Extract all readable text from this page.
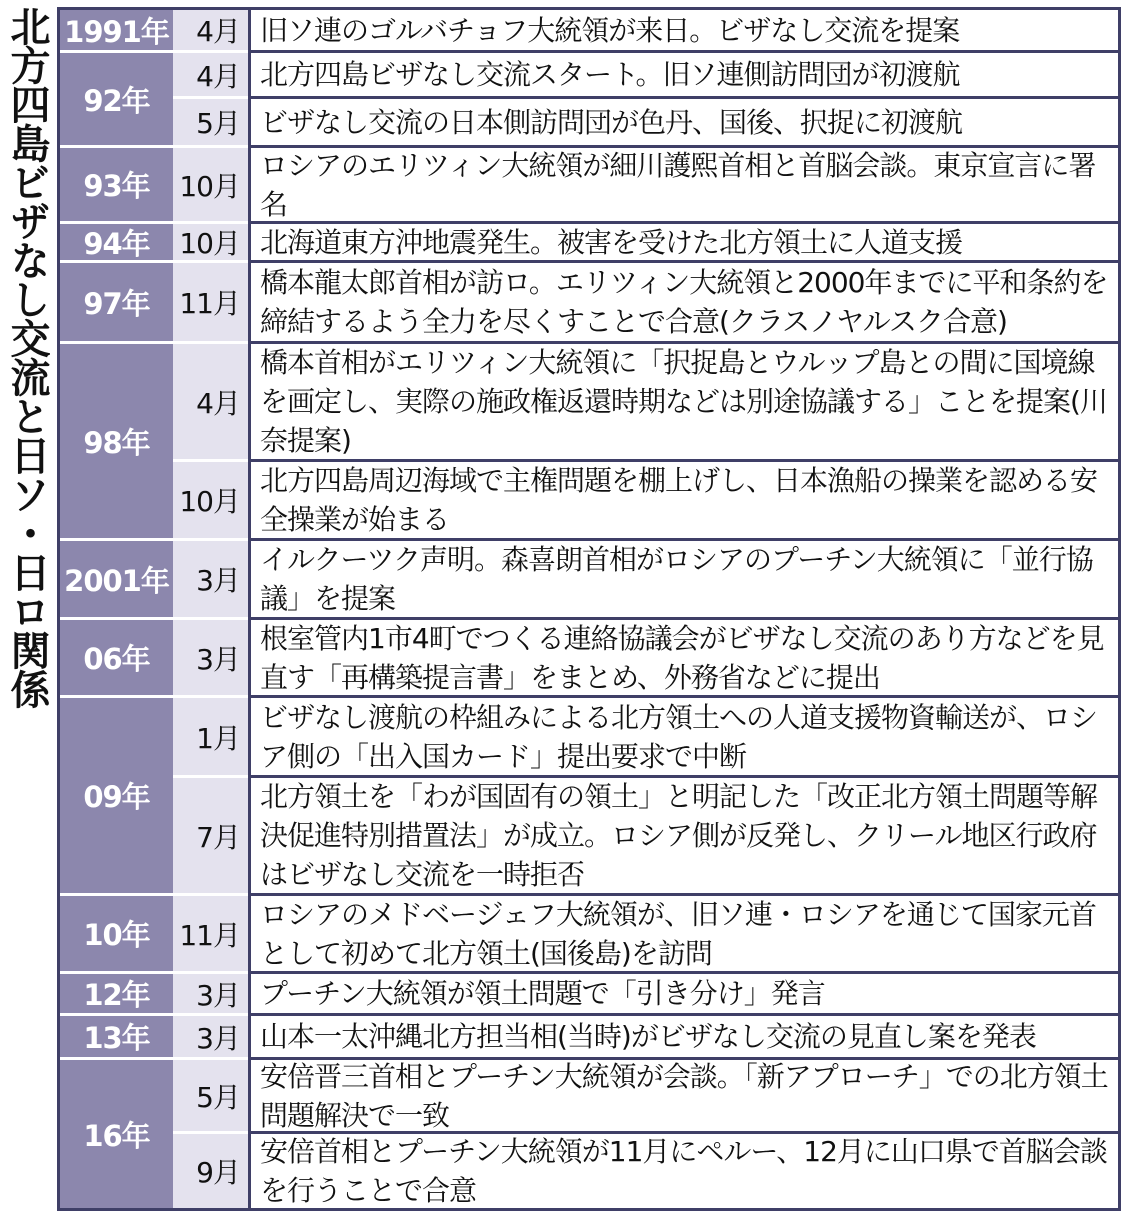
北方四島ビザなし交流と日ソ・日ロ関係 1991年
92年
93年
94年
97年
98年
2001年
06年
09年
10年
12年
13年
16年
4月
4月
5月
10月
10月
11月
4月
10月
3月
3月
1月
7月
11月
3月
3月
5月
9月
旧ソ連のゴルバチョフ大統領が来日。ビザなし交流を提案
北方四島ビザなし交流スタート。旧ソ連側訪問団が初渡航
ビザなし交流の日本側訪問団が色丹、国後、択捉に初渡航
ロシアのエリツィン大統領が細川護熙首相と首脳会談。東京宣言に署名
北海道東方沖地震発生。被害を受けた北方領土に人道支援
橋本龍太郎首相が訪ロ。エリツィン大統領と2000年までに平和条約を締結するよう全力を尽くすことで合意(クラスノヤルスク合意)
橋本首相がエリツィン大統領に「択捉島とウルップ島との間に国境線を画定し、実際の施政権返還時期などは別途協議する」ことを提案(川奈提案)
北方四島周辺海域で主権問題を棚上げし、日本漁船の操業を認める安全操業が始まる
イルクーツク声明。森喜朗首相がロシアのプーチン大統領に「並行協議」を提案
根室管内1市4町でつくる連絡協議会がビザなし交流のあり方などを見直す「再構築提言書」をまとめ、外務省などに提出
ビザなし渡航の枠組みによる北方領土への人道支援物資輸送が、ロシア側の「出入国カード」提出要求で中断
北方領土を「わが国固有の領土」と明記した「改正北方領土問題等解決促進特別措置法」が成立。ロシア側が反発し、クリール地区行政府はビザなし交流を一時拒否
ロシアのメドベージェフ大統領が、旧ソ連・ロシアを通じて国家元首として初めて北方領土(国後島)を訪問
プーチン大統領が領土問題で「引き分け」発言
山本一太沖縄北方担当相(当時)がビザなし交流の見直し案を発表
安倍晋三首相とプーチン大統領が会談。「新アプローチ」での北方領土問題解決で一致
安倍首相とプーチン大統領が11月にペルー、12月に山口県で首脳会談を行うことで合意
